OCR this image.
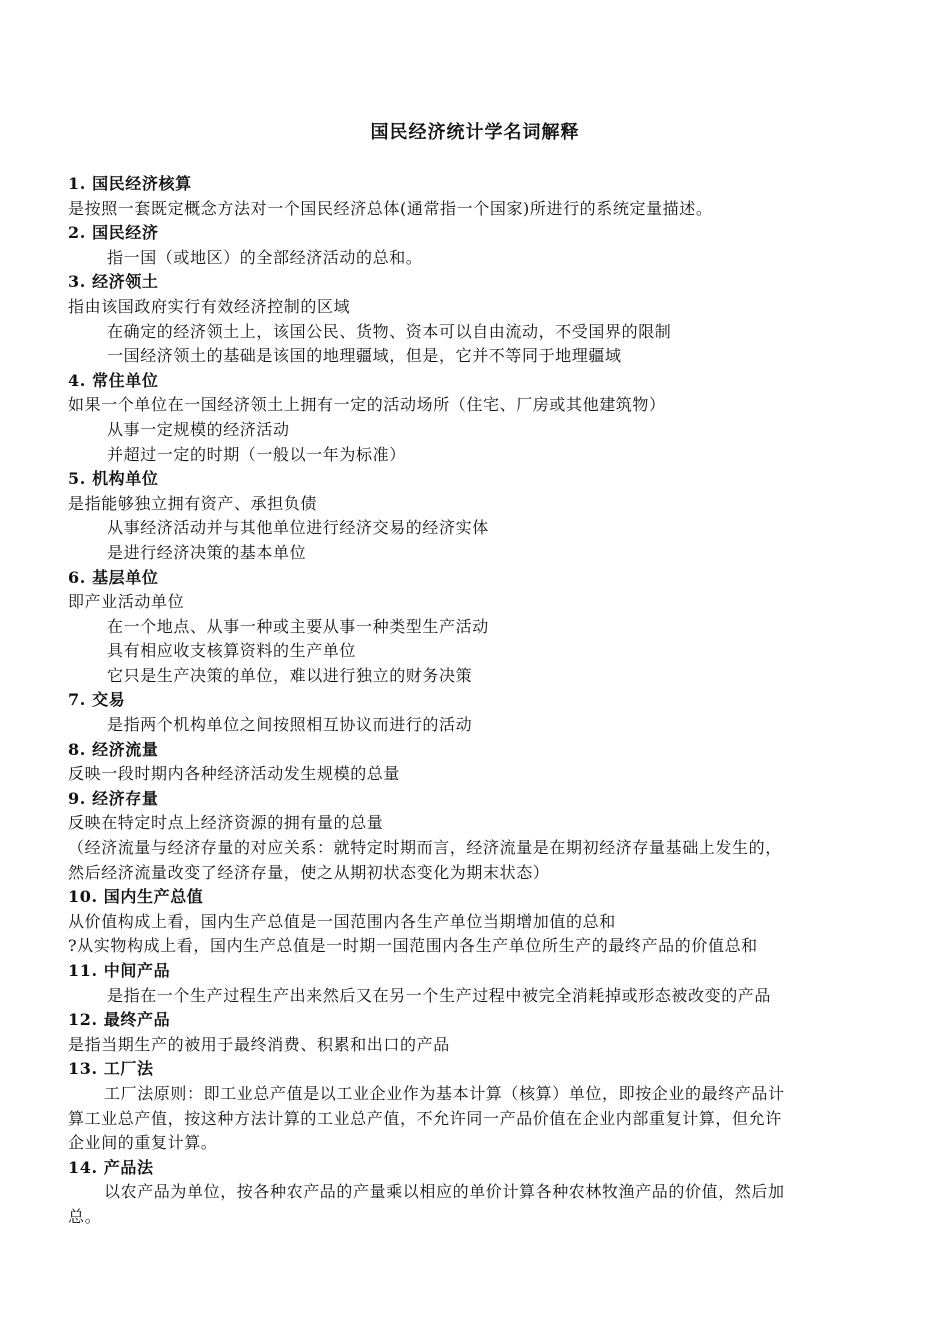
国民经济统计学名词解释
1. 国民经济核算
是按照一套既定概念方法对一个国民经济总体(通常指一个国家)所进行的系统定量描述。
2. 国民经济
指一国（或地区）的全部经济活动的总和。
3. 经济领土
指由该国政府实行有效经济控制的区域
在确定的经济领土上，该国公民、货物、资本可以自由流动，不受国界的限制
一国经济领土的基础是该国的地理疆域，但是，它并不等同于地理疆域
4. 常住单位
如果一个单位在一国经济领土上拥有一定的活动场所（住宅、厂房或其他建筑物）
从事一定规模的经济活动
并超过一定的时期（一般以一年为标准）
5. 机构单位
是指能够独立拥有资产、承担负债
从事经济活动并与其他单位进行经济交易的经济实体
是进行经济决策的基本单位
6. 基层单位
即产业活动单位
在一个地点、从事一种或主要从事一种类型生产活动
具有相应收支核算资料的生产单位
它只是生产决策的单位，难以进行独立的财务决策
7. 交易
是指两个机构单位之间按照相互协议而进行的活动
8. 经济流量
反映一段时期内各种经济活动发生规模的总量
9. 经济存量
反映在特定时点上经济资源的拥有量的总量
（经济流量与经济存量的对应关系：就特定时期而言，经济流量是在期初经济存量基础上发生的，
然后经济流量改变了经济存量，使之从期初状态变化为期末状态）
10. 国内生产总值
从价值构成上看，国内生产总值是一国范围内各生产单位当期增加值的总和
?从实物构成上看，国内生产总值是一时期一国范围内各生产单位所生产的最终产品的价值总和
11. 中间产品
是指在一个生产过程生产出来然后又在另一个生产过程中被完全消耗掉或形态被改变的产品
12. 最终产品
是指当期生产的被用于最终消费、积累和出口的产品
13. 工厂法
工厂法原则：即工业总产值是以工业企业作为基本计算（核算）单位，即按企业的最终产品计
算工业总产值，按这种方法计算的工业总产值，不允许同一产品价值在企业内部重复计算，但允许
企业间的重复计算。
14. 产品法
以农产品为单位，按各种农产品的产量乘以相应的单价计算各种农林牧渔产品的价值，然后加
总。
